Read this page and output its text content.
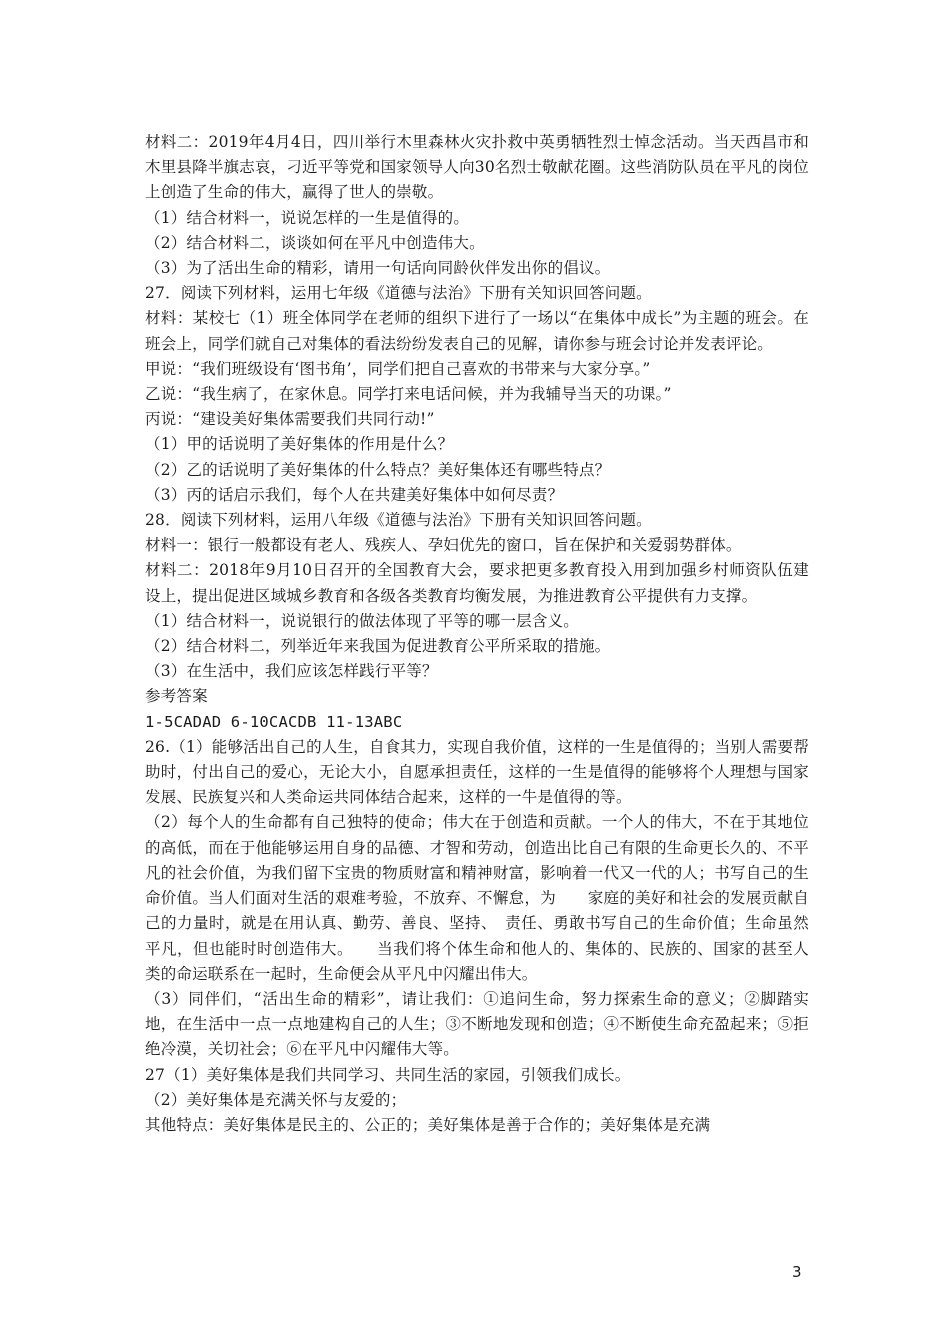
材料二：2019年4月4日，四川举行木里森林火灾扑救中英勇牺牲烈士悼念活动。当天西昌市和木里县降半旗志哀，刁近平等党和国家领导人向30名烈士敬献花圈。这些消防队员在平凡的岗位上创造了生命的伟大，赢得了世人的崇敬。
（1）结合材料一，说说怎样的一生是值得的。
（2）结合材料二，谈谈如何在平凡中创造伟大。
（3）为了活出生命的精彩，请用一句话向同龄伙伴发出你的倡议。
27．阅读下列材料，运用七年级《道德与法治》下册有关知识回答问题。
材料：某校七（1）班全体同学在老师的组织下进行了一场以“在集体中成长”为主题的班会。在班会上，同学们就自己对集体的看法纷纷发表自己的见解，请你参与班会讨论并发表评论。
甲说：“我们班级设有‘图书角’，同学们把自己喜欢的书带来与大家分享。”
乙说：“我生病了，在家休息。同学打来电话问候，并为我辅导当天的功课。”
丙说：“建设美好集体需要我们共同行动!”
（1）甲的话说明了美好集体的作用是什么？
（2）乙的话说明了美好集体的什么特点？美好集体还有哪些特点？
（3）丙的话启示我们，每个人在共建美好集体中如何尽责？
28．阅读下列材料，运用八年级《道德与法治》下册有关知识回答问题。
材料一：银行一般都设有老人、残疾人、孕妇优先的窗口，旨在保护和关爱弱势群体。
材料二：2018年9月10日召开的全国教育大会，要求把更多教育投入用到加强乡村师资队伍建设上，提出促进区域城乡教育和各级各类教育均衡发展，为推进教育公平提供有力支撑。
（1）结合材料一，说说银行的做法体现了平等的哪一层含义。
（2）结合材料二，列举近年来我国为促进教育公平所采取的措施。
（3）在生活中，我们应该怎样践行平等？
参考答案
1-5CADAD 6-10CACDB 11-13ABC
26.（1）能够活出自己的人生，自食其力，实现自我价值，这样的一生是值得的；当别人需要帮助时，付出自己的爱心，无论大小，自愿承担责任，这样的一生是值得的能够将个人理想与国家发展、民族复兴和人类命运共同体结合起来，这样的一牛是值得的等。
（2）每个人的生命都有自己独特的使命；伟大在于创造和贡献。一个人的伟大，不在于其地位的高低，而在于他能够运用自身的品德、才智和劳动，创造出比自己有限的生命更长久的、不平凡的社会价值，为我们留下宝贵的物质财富和精神财富，影响着一代又一代的人；书写自己的生命价值。当人们面对生活的艰难考验，不放弃、不懈怠，为　　家庭的美好和社会的发展贡献自己的力量时，就是在用认真、勤劳、善良、坚持、　责任、勇敢书写自己的生命价值；生命虽然平凡，但也能时时创造伟大。　　当我们将个体生命和他人的、集体的、民族的、国家的甚至人类的命运联系在一起时，生命便会从平凡中闪耀出伟大。
（3）同伴们，“活出生命的精彩”，请让我们：①追问生命，努力探索生命的意义；②脚踏实地，在生活中一点一点地建构自己的人生；③不断地发现和创造；④不断使生命充盈起来；⑤拒绝冷漠，关切社会；⑥在平凡中闪耀伟大等。
27（1）美好集体是我们共同学习、共同生活的家园，引领我们成长。
（2）美好集体是充满关怀与友爱的；
其他特点：美好集体是民主的、公正的；美好集体是善于合作的；美好集体是充满
3
